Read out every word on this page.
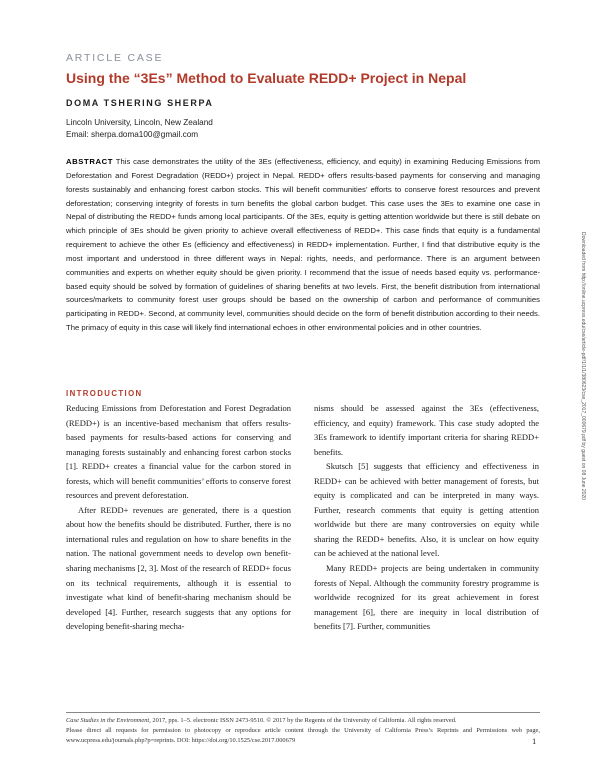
ARTICLE CASE
Using the “3Es” Method to Evaluate REDD+ Project in Nepal
DOMA TSHERING SHERPA
Lincoln University, Lincoln, New Zealand
Email: sherpa.doma100@gmail.com
ABSTRACT This case demonstrates the utility of the 3Es (effectiveness, efficiency, and equity) in examining Reducing Emissions from Deforestation and Forest Degradation (REDD+) project in Nepal. REDD+ offers results-based payments for conserving and managing forests sustainably and enhancing forest carbon stocks. This will benefit communities’ efforts to conserve forest resources and prevent deforestation; conserving integrity of forests in turn benefits the global carbon budget. This case uses the 3Es to examine one case in Nepal of distributing the REDD+ funds among local participants. Of the 3Es, equity is getting attention worldwide but there is still debate on which principle of 3Es should be given priority to achieve overall effectiveness of REDD+. This case finds that equity is a fundamental requirement to achieve the other Es (efficiency and effectiveness) in REDD+ implementation. Further, I find that distributive equity is the most important and understood in three different ways in Nepal: rights, needs, and performance. There is an argument between communities and experts on whether equity should be given priority. I recommend that the issue of needs based equity vs. performance-based equity should be solved by formation of guidelines of sharing benefits at two levels. First, the benefit distribution from international sources/markets to community forest user groups should be based on the ownership of carbon and performance of communities participating in REDD+. Second, at community level, communities should decide on the form of benefit distribution according to their needs. The primacy of equity in this case will likely find international echoes in other environmental policies and in other countries.
INTRODUCTION

Reducing Emissions from Deforestation and Forest Degradation (REDD+) is an incentive-based mechanism that offers results-based payments for results-based actions for conserving and managing forests sustainably and enhancing forest carbon stocks [1]. REDD+ creates a financial value for the carbon stored in forests, which will benefit communities’ efforts to conserve forest resources and prevent deforestation.

After REDD+ revenues are generated, there is a question about how the benefits should be distributed. Further, there is no international rules and regulation on how to share benefits in the nation. The national government needs to develop own benefit-sharing mechanisms [2, 3]. Most of the research of REDD+ focus on its technical requirements, although it is essential to investigate what kind of benefit-sharing mechanism should be developed [4]. Further, research suggests that any options for developing benefit-sharing mecha-

nisms should be assessed against the 3Es (effectiveness, efficiency, and equity) framework. This case study adopted the 3Es framework to identify important criteria for sharing REDD+ benefits.

Skutsch [5] suggests that efficiency and effectiveness in REDD+ can be achieved with better management of forests, but equity is complicated and can be interpreted in many ways. Further, research comments that equity is getting attention worldwide but there are many controversies on equity while sharing the REDD+ benefits. Also, it is unclear on how equity can be achieved at the national level.

Many REDD+ projects are being undertaken in community forests of Nepal. Although the community forestry programme is worldwide recognized for its great achievement in forest management [6], there are inequity in local distribution of benefits [7]. Further, communities

Case Studies in the Environment, 2017, pps. 1–5. electronic ISSN 2473-9510. © 2017 by the Regents of the University of California. All rights reserved.

Please direct all requests for permission to photocopy or reproduce article content through the University of California Press’s Reprints and Permissions web page, www.ucpress.edu/journals.php?p=reprints. DOI: https://doi.org/10.1525/cse.2017.000679	1
Downloaded from http://online.ucpress.edu/cse/article-pdf/1/1/1/380623/cse_2017_000679.pdf by guest on 08 June 2020
